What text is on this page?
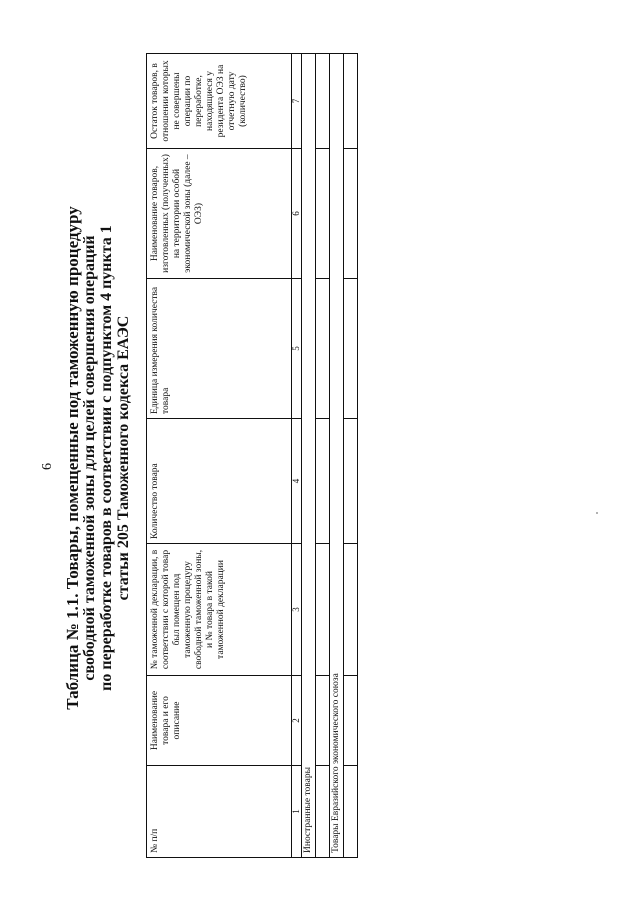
6 Таблица № 1.1. Товары, помещенные под таможенную процедуру свободной таможенной зоны для целей совершения операций по переработке товаров в соответствии с подпунктом 4 пункта 1 статьи 205 Таможенного кодекса ЕАЭС
№ п/п	Наименование товара и его описание	№ таможенной декларации, в соответствии с которой товар был помещен под таможенную процедуру свободной таможенной зоны, и № товара в такой таможенной декларации	Количество товара	Единица измерения количества товара	Наименование товаров, изготовленных (полученных) на территории особой экономической зоны (далее – ОЭЗ)	Остаток товаров, в отношении которых не совершены операции по переработке, находящиеся у резидента ОЭЗ на отчетную дату (количество)
1	2	3	4	5	6	7
Иностранные товары						

Товары Евразийского экономического союза						
